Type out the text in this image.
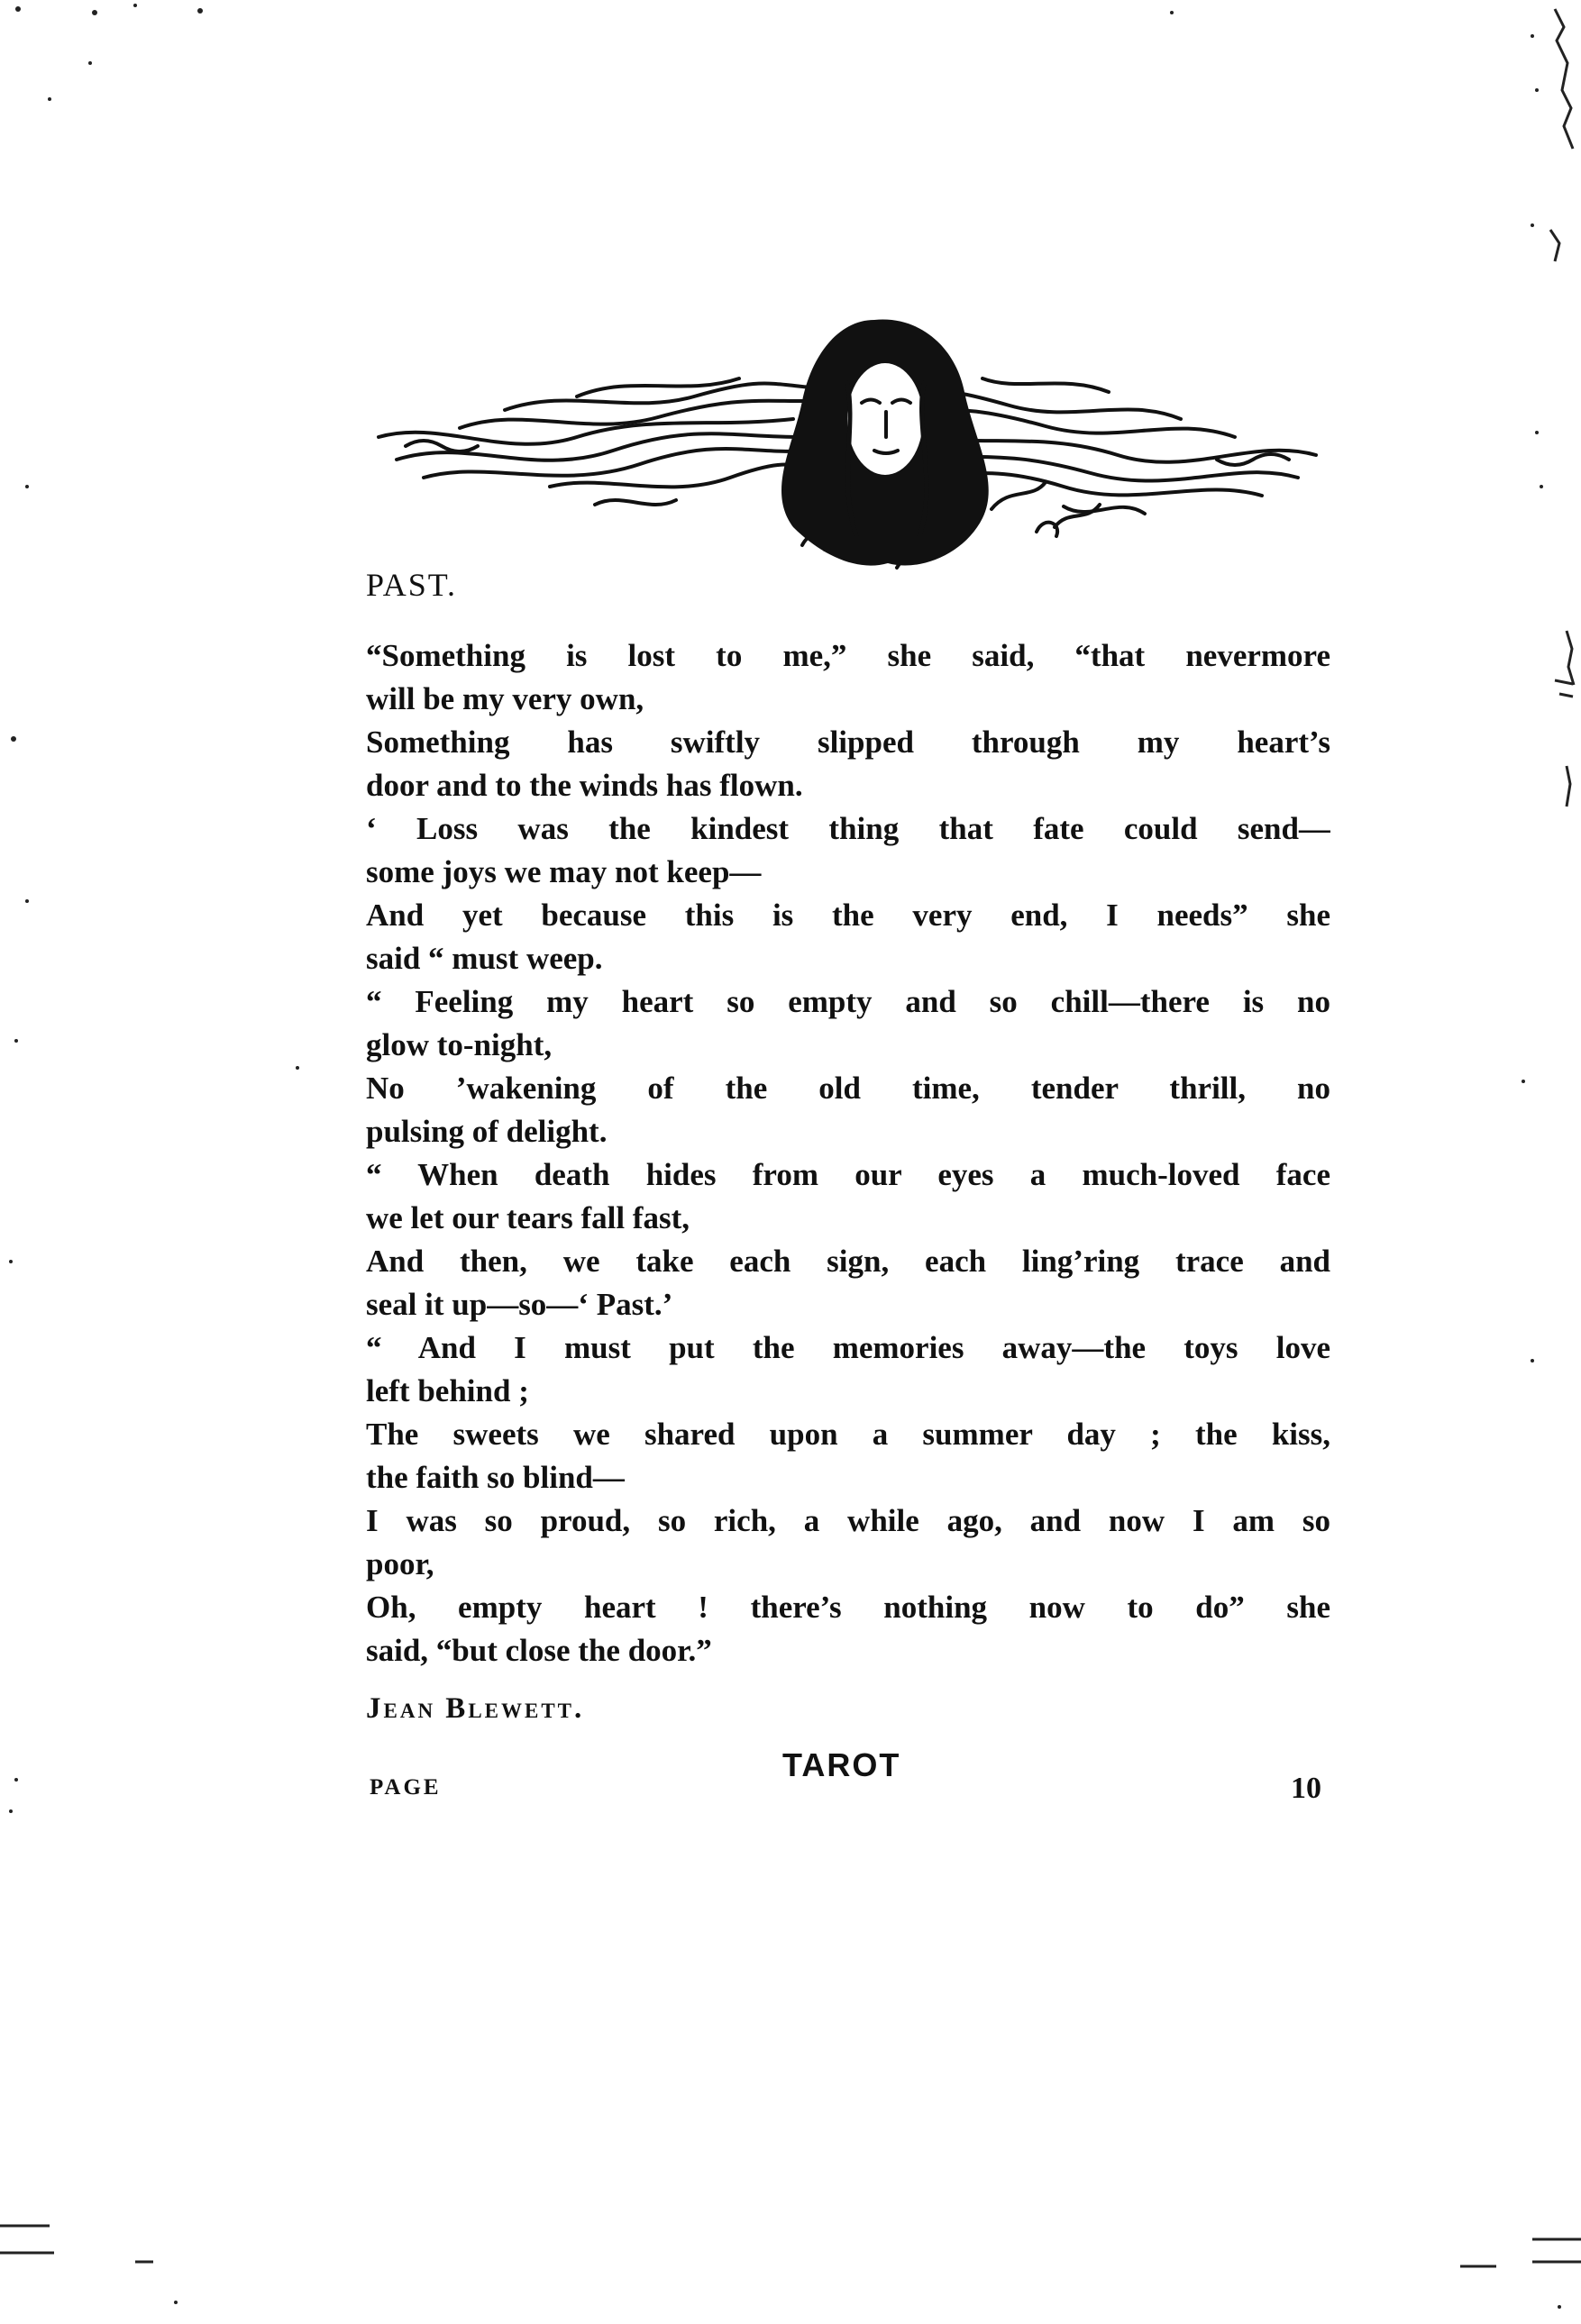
PAST.
“Something is lost to me,” she said, “that nevermore
will be my very own,
Something has swiftly slipped through my heart’s
door and to the winds has flown.
‘ Loss was the kindest thing that fate could send—
some joys we may not keep—
And yet because this is the very end, I needs” she
said “ must weep.
“ Feeling my heart so empty and so chill—there is no
glow to-night,
No ’wakening of the old time, tender thrill, no
pulsing of delight.
“ When death hides from our eyes a much-loved face
we let our tears fall fast,
And then, we take each sign, each ling’ring trace and
seal it up—so—‘ Past.’
“ And I must put the memories away—the toys love
left behind ;
The sweets we shared upon a summer day ; the kiss,
the faith so blind—
I was so proud, so rich, a while ago, and now I am so
poor,
Oh, empty heart ! there’s nothing now to do” she
said, “but close the door.”
Jean Blewett.
TAROT
PAGE	10
